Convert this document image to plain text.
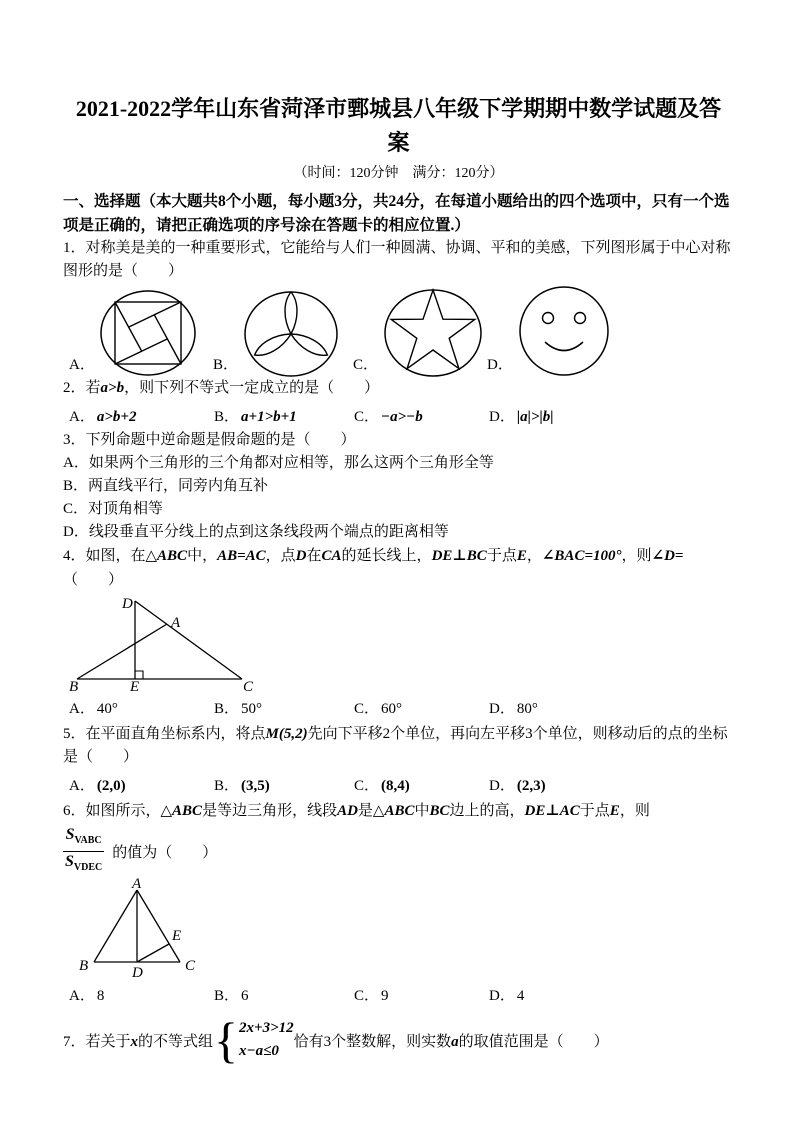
2021-2022学年山东省菏泽市鄄城县八年级下学期期中数学试题及答案
（时间：120分钟　满分：120分）
一、选择题（本大题共8个小题，每小题3分，共24分，在每道小题给出的四个选项中，只有一个选项是正确的，请把正确选项的序号涂在答题卡的相应位置.）

1．对称美是美的一种重要形式，它能给与人们一种圆满、协调、平和的美感，下列图形属于中心对称图形的是（　　）

A．	B．	C．	D．

2．若a>b，则下列不等式一定成立的是（　　）

A． a>b+2	B． a+1>b+1	C． −a>−b	D． |a|>|b|

3．下列命题中逆命题是假命题的是（　　）

A．如果两个三角形的三个角都对应相等，那么这两个三角形全等

B．两直线平行，同旁内角互补

C．对顶角相等

D．线段垂直平分线上的点到这条线段两个端点的距离相等

4．如图，在△ABC中，AB=AC，点D在CA的延长线上，DE⊥BC于点E，∠BAC=100°，则∠D=（　　）

D
A
B	E	C
A． 40°	B． 50°	C． 60°	D． 80°

5．在平面直角坐标系内，将点M(5,2)先向下平移2个单位，再向左平移3个单位，则移动后的点的坐标是（　　）

A． (2,0)	B． (3,5)	C． (8,4)	D． (2,3)

6．如图所示，△ABC是等边三角形，线段AD是△ABC中BC边上的高，DE⊥AC于点E，则

$\frac{S_{VABC}}{S_{VDEC}}$ 的值为（　　）
A
B	C
D
E
A． 8	B． 6	C． 9	D． 4
7．若关于x的不等式组 { 2x+3>12
x−a≤0
恰有3个整数解，则实数a的取值范围是（　　）
